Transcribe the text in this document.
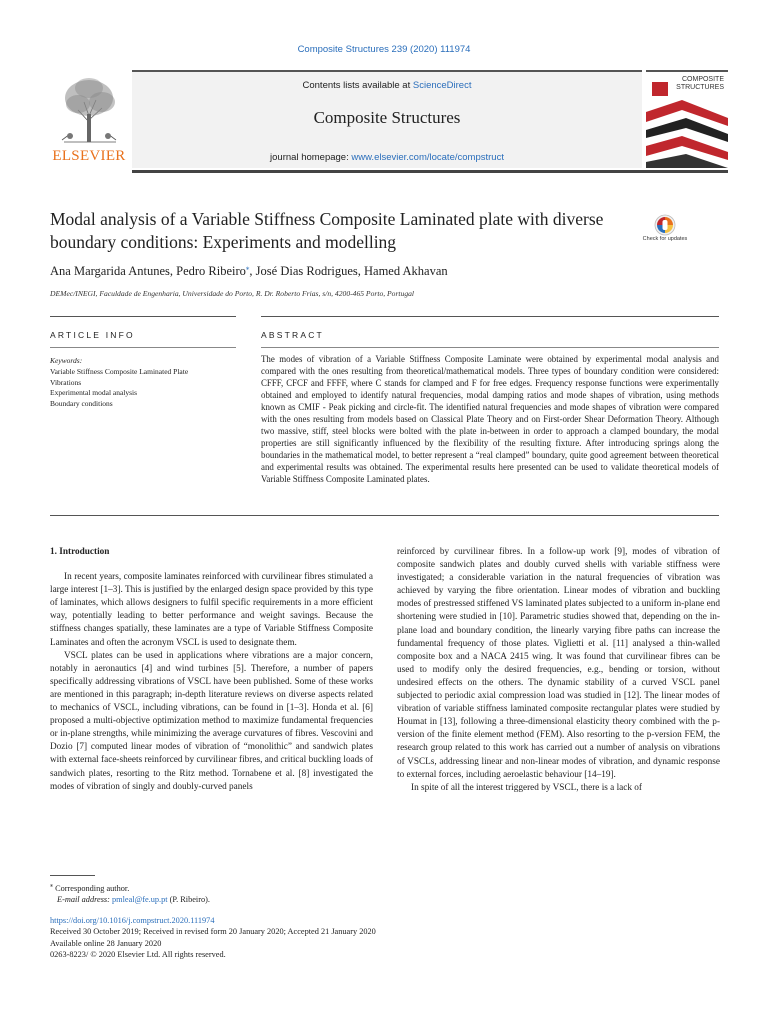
Composite Structures 239 (2020) 111974
ELSEVIER
Contents lists available at ScienceDirect
Composite Structures
journal homepage: www.elsevier.com/locate/compstruct
COMPOSITE STRUCTURES
Modal analysis of a Variable Stiffness Composite Laminated plate with diverse boundary conditions: Experiments and modelling	Check for updates
Ana Margarida Antunes, Pedro Ribeiro⁎, José Dias Rodrigues, Hamed Akhavan
DEMec/INEGI, Faculdade de Engenharia, Universidade do Porto, R. Dr. Roberto Frias, s/n, 4200-465 Porto, Portugal
ARTICLE INFO	ABSTRACT
Keywords:
Variable Stiffness Composite Laminated Plate
Vibrations
Experimental modal analysis
Boundary conditions

The modes of vibration of a Variable Stiffness Composite Laminate were obtained by experimental modal analysis and compared with the ones resulting from theoretical/mathematical models. Three types of boundary condition were considered: CFFF, CFCF and FFFF, where C stands for clamped and F for free edges. Frequency response functions were experimentally obtained and employed to identify natural frequencies, modal damping ratios and mode shapes of vibration, using methods known as CMIF - Peak picking and circle-fit. The identified natural frequencies and mode shapes of vibration were compared with the ones resulting from models based on Classical Plate Theory and on First-order Shear Deformation Theory. Although two massive, stiff, steel blocks were bolted with the plate in-between in order to approach a clamped boundary, the modal properties are still significantly influenced by the flexibility of the resulting fixture. After introducing springs along the boundaries in the mathematical model, to better represent a “real clamped” boundary, quite good agreement between theoretical and experimental results was obtained. The experimental results here presented can be used to validate theoretical models of Variable Stiffness Composite Laminated plates.

1. Introduction

In recent years, composite laminates reinforced with curvilinear fibres stimulated a large interest [1–3]. This is justified by the enlarged design space provided by this type of laminates, which allows designers to fulfil specific requirements in a more efficient way, potentially leading to better performance and weight savings. Because the stiffness changes spatially, these laminates are a type of Variable Stiffness Composite Laminates and often the acronym VSCL is used to designate them.

VSCL plates can be used in applications where vibrations are a major concern, notably in aeronautics [4] and wind turbines [5]. Therefore, a number of papers specifically addressing vibrations of VSCL have been published. Some of these works are mentioned in this paragraph; in-depth literature reviews on diverse aspects related to mechanics of VSCL, including vibrations, can be found in [1–3]. Honda et al. [6] proposed a multi-objective optimization method to maximize fundamental frequencies or in-plane strengths, while minimizing the average curvatures of fibres. Vescovini and Dozio [7] computed linear modes of vibration of “monolithic” and sandwich plates with external face-sheets reinforced by curvilinear fibres, and critical buckling loads of sandwich plates, resorting to the Ritz method. Tornabene et al. [8] investigated the modes of vibration of singly and doubly-curved panels

reinforced by curvilinear fibres. In a follow-up work [9], modes of vibration of composite sandwich plates and doubly curved shells with variable stiffness were investigated; a considerable variation in the natural frequencies of vibration was achieved by varying the fibre orientation. Linear modes of vibration and buckling modes of prestressed stiffened VS laminated plates subjected to a uniform in-plane end shortening were studied in [10]. Parametric studies showed that, depending on the in-plane load and boundary condition, the linearly varying fibre paths can increase the fundamental frequency of those plates. Viglietti et al. [11] analysed a thin-walled composite box and a NACA 2415 wing. It was found that curvilinear fibres can be used to modify only the desired frequencies, e.g., bending or torsion, without undesired effects on the others. The dynamic stability of a curved VSCL panel subjected to periodic axial compression load was studied in [12]. The linear modes of vibration of variable stiffness laminated composite rectangular plates were studied by Houmat in [13], following a three-dimensional elasticity theory combined with the p-version of the finite element method (FEM). Also resorting to the p-version FEM, the research group related to this work has carried out a number of analysis on vibrations of VSCLs, addressing linear and non-linear modes of vibration, and dynamic response to external forces, including aeroelastic behaviour [14–19].

In spite of all the interest triggered by VSCL, there is a lack of

⁎ Corresponding author.
E-mail address: pmleal@fe.up.pt (P. Ribeiro).
https://doi.org/10.1016/j.compstruct.2020.111974
Received 30 October 2019; Received in revised form 20 January 2020; Accepted 21 January 2020
Available online 28 January 2020
0263-8223/ © 2020 Elsevier Ltd. All rights reserved.
